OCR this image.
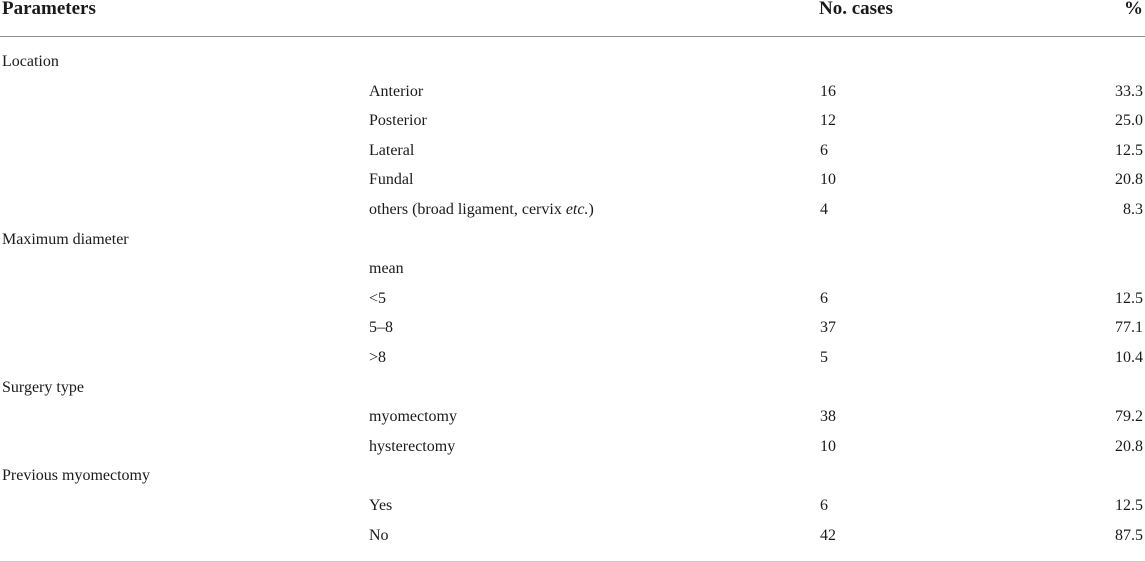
Parameters	No. cases	%
Location
Anterior	16	33.3
Posterior	12	25.0
Lateral	6	12.5
Fundal	10	20.8
others (broad ligament, cervix etc.)	4	8.3
Maximum diameter
mean
<5	6	12.5
5–8	37	77.1
>8	5	10.4
Surgery type
myomectomy	38	79.2
hysterectomy	10	20.8
Previous myomectomy
Yes	6	12.5
No	42	87.5
